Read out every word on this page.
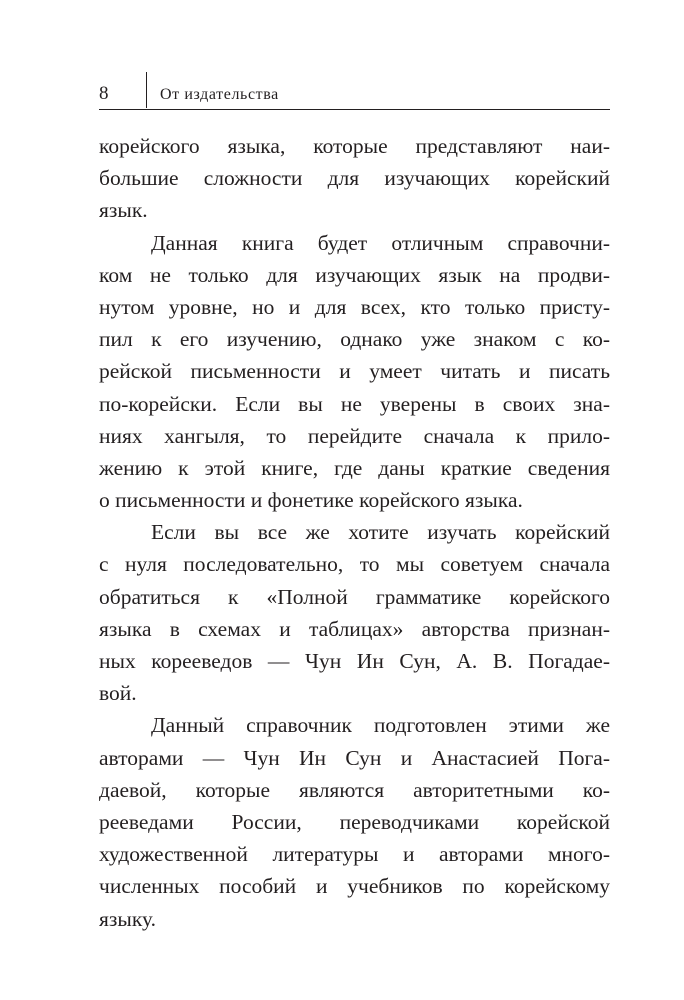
8	От издательства
корейского языка, которые представляют наи-
большие сложности для изучающих корейский
язык.
Данная книга будет отличным справочни-
ком не только для изучающих язык на продви-
нутом уровне, но и для всех, кто только присту-
пил к его изучению, однако уже знаком с ко-
рейской письменности и умеет читать и писать
по-корейски. Если вы не уверены в своих зна-
ниях хангыля, то перейдите сначала к прило-
жению к этой книге, где даны краткие сведения
о письменности и фонетике корейского языка.
Если вы все же хотите изучать корейский
с нуля последовательно, то мы советуем сначала
обратиться к «Полной грамматике корейского
языка в схемах и таблицах» авторства признан-
ных корееведов — Чун Ин Сун, А. В. Погадае-
вой.
Данный справочник подготовлен этими же
авторами — Чун Ин Сун и Анастасией Пога-
даевой, которые являются авторитетными ко-
рееведами России, переводчиками корейской
художественной литературы и авторами много-
численных пособий и учебников по корейскому
языку.
